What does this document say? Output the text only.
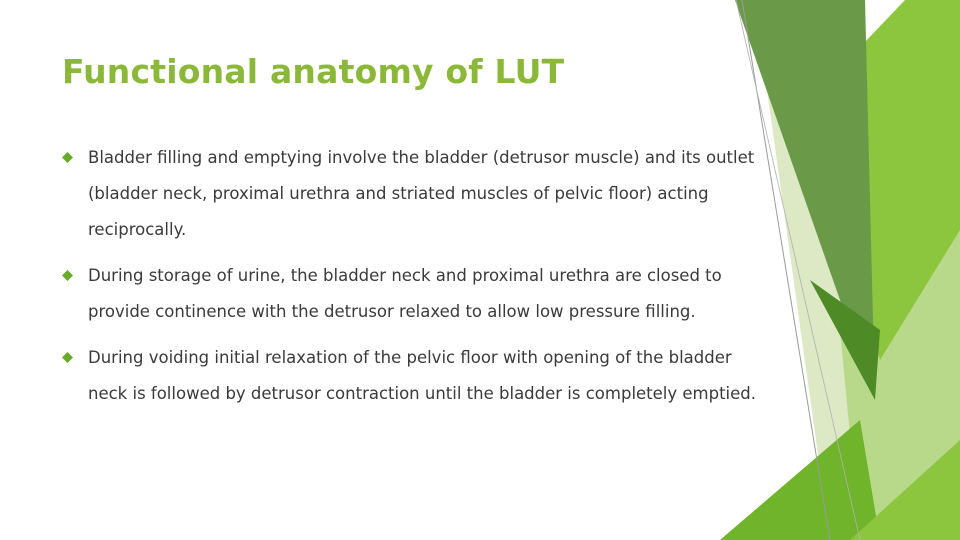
Functional anatomy of LUT
Bladder filling and emptying involve the bladder (detrusor muscle) and its outlet (bladder neck, proximal urethra and striated muscles of pelvic floor) acting reciprocally.
During storage of urine, the bladder neck and proximal urethra are closed to provide continence with the detrusor relaxed to allow low pressure filling.
During voiding initial relaxation of the pelvic floor with opening of the bladder neck is followed by detrusor contraction until the bladder is completely emptied.
